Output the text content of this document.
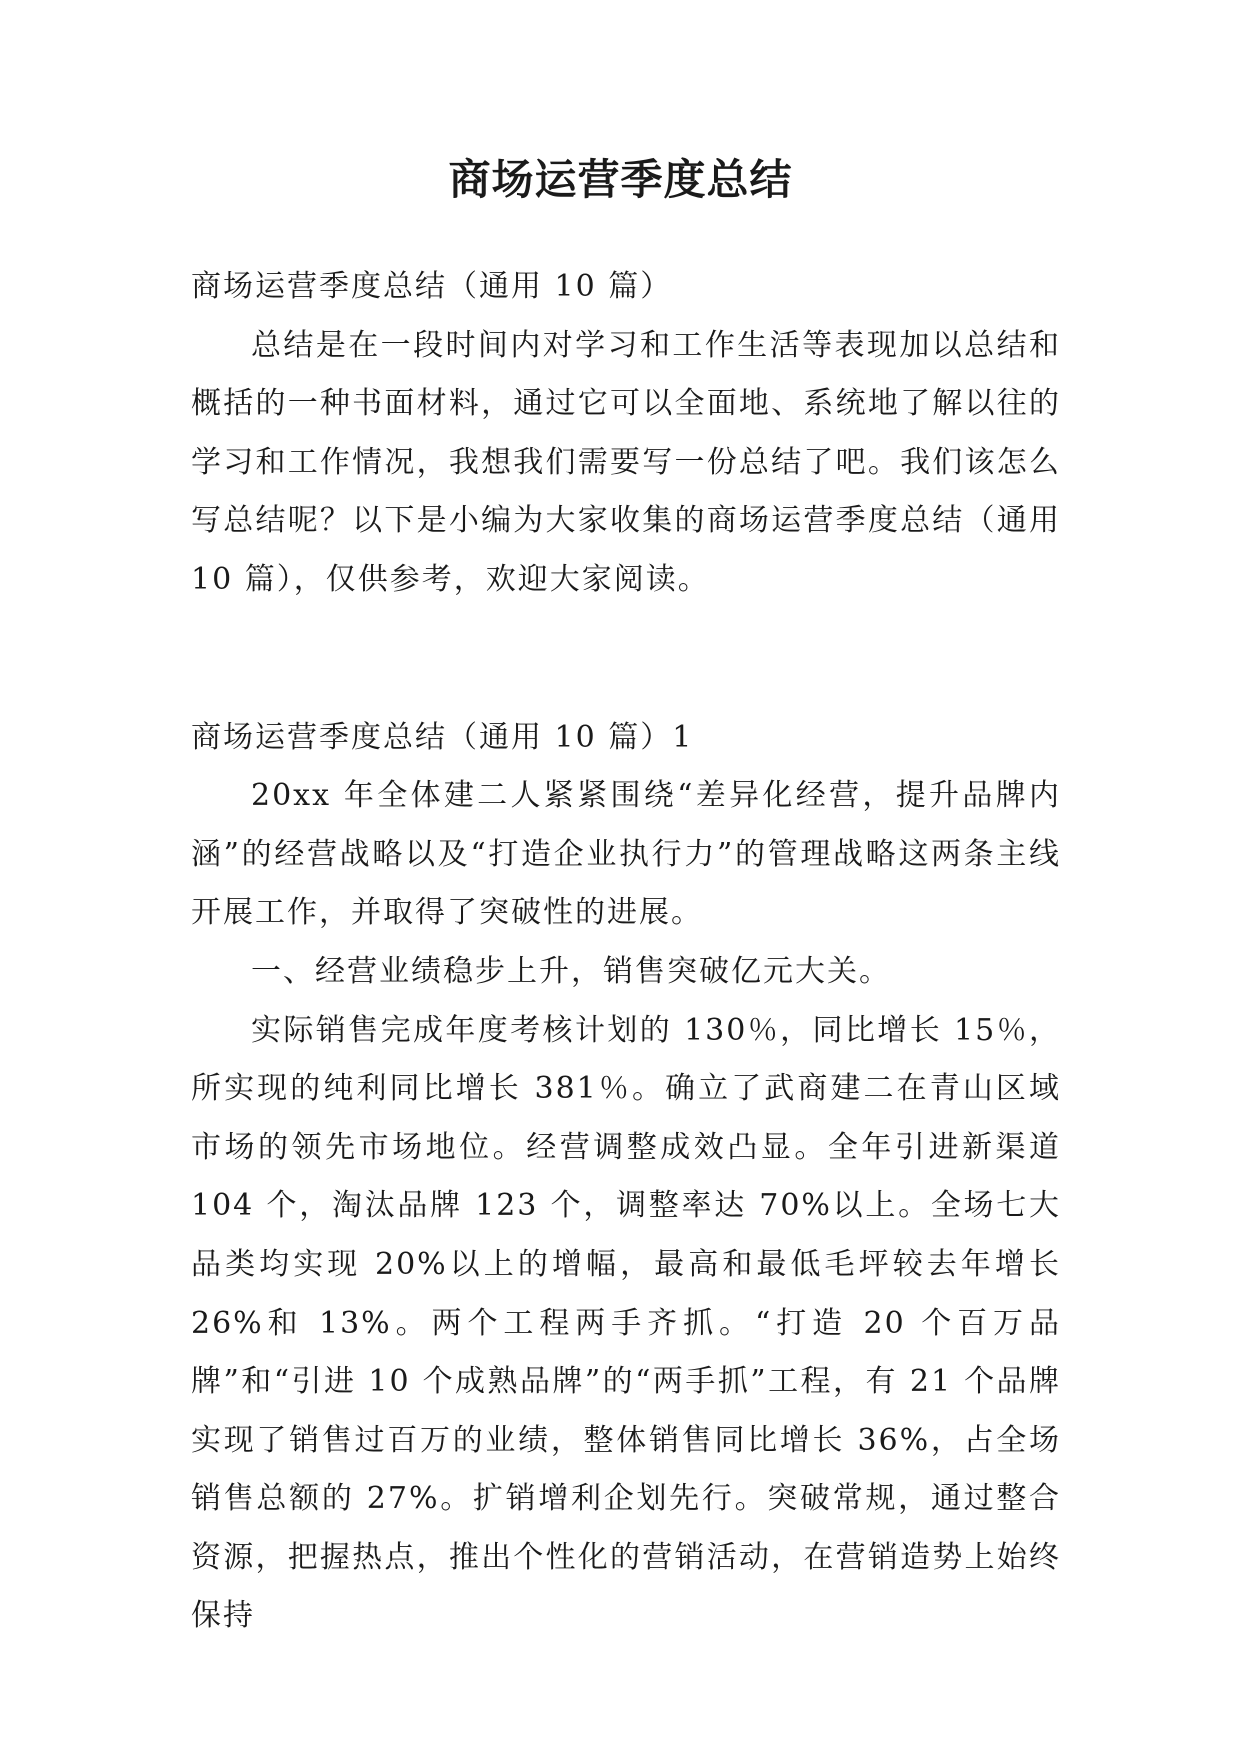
商场运营季度总结

商场运营季度总结（通用 10 篇）

总结是在一段时间内对学习和工作生活等表现加以总结和概括的一种书面材料，通过它可以全面地、系统地了解以往的学习和工作情况，我想我们需要写一份总结了吧。我们该怎么写总结呢？以下是小编为大家收集的商场运营季度总结（通用 10 篇），仅供参考，欢迎大家阅读。

商场运营季度总结（通用 10 篇）1

20xx 年全体建二人紧紧围绕“差异化经营，提升品牌内涵”的经营战略以及“打造企业执行力”的管理战略这两条主线开展工作，并取得了突破性的进展。

一、经营业绩稳步上升，销售突破亿元大关。

实际销售完成年度考核计划的 130％，同比增长 15％，所实现的纯利同比增长 381％。确立了武商建二在青山区域市场的领先市场地位。经营调整成效凸显。全年引进新渠道 104 个，淘汰品牌 123 个，调整率达 70%以上。全场七大品类均实现 20%以上的增幅，最高和最低毛坪较去年增长 26%和 13%。两个工程两手齐抓。“打造 20 个百万品牌”和“引进 10 个成熟品牌”的“两手抓”工程，有 21 个品牌实现了销售过百万的业绩，整体销售同比增长 36%，占全场销售总额的 27%。扩销增利企划先行。突破常规，通过整合资源，把握热点，推出个性化的营销活动，在营销造势上始终保持
